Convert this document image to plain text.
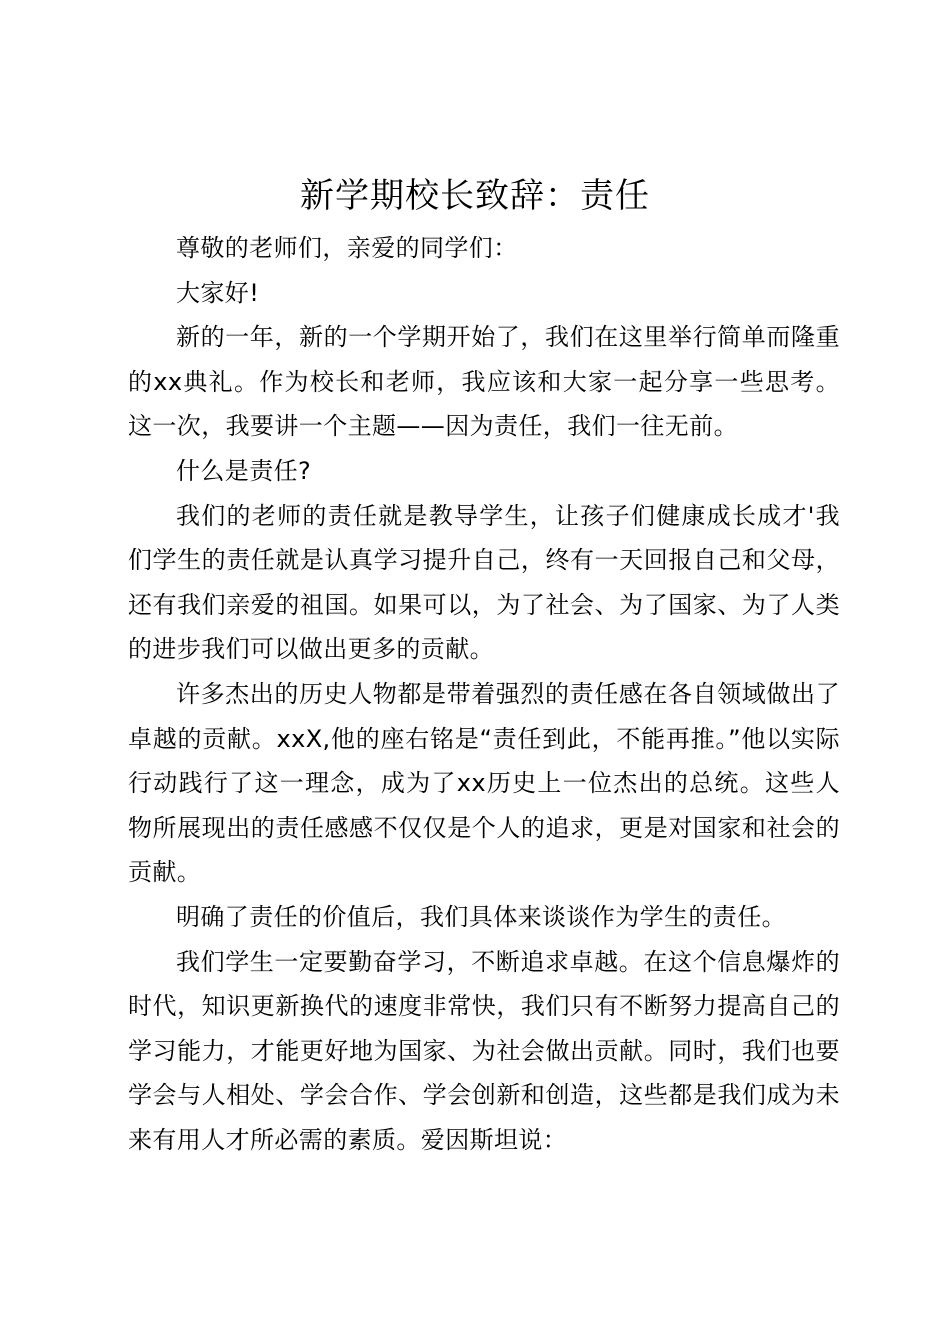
新学期校长致辞：责任

尊敬的老师们，亲爱的同学们：

大家好!

新的一年，新的一个学期开始了，我们在这里举行简单而隆重的xx典礼。作为校长和老师，我应该和大家一起分享一些思考。这一次，我要讲一个主题——因为责任，我们一往无前。

什么是责任?

我们的老师的责任就是教导学生，让孩子们健康成长成才'我们学生的责任就是认真学习提升自己，终有一天回报自己和父母，还有我们亲爱的祖国。如果可以，为了社会、为了国家、为了人类的进步我们可以做出更多的贡献。

许多杰出的历史人物都是带着强烈的责任感在各自领域做出了卓越的贡献。xxX,他的座右铭是“责任到此，不能再推。”他以实际行动践行了这一理念，成为了xx历史上一位杰出的总统。这些人物所展现出的责任感感不仅仅是个人的追求，更是对国家和社会的贡献。

明确了责任的价值后，我们具体来谈谈作为学生的责任。

我们学生一定要勤奋学习，不断追求卓越。在这个信息爆炸的时代，知识更新换代的速度非常快，我们只有不断努力提高自己的学习能力，才能更好地为国家、为社会做出贡献。同时，我们也要学会与人相处、学会合作、学会创新和创造，这些都是我们成为未来有用人才所必需的素质。爱因斯坦说：
